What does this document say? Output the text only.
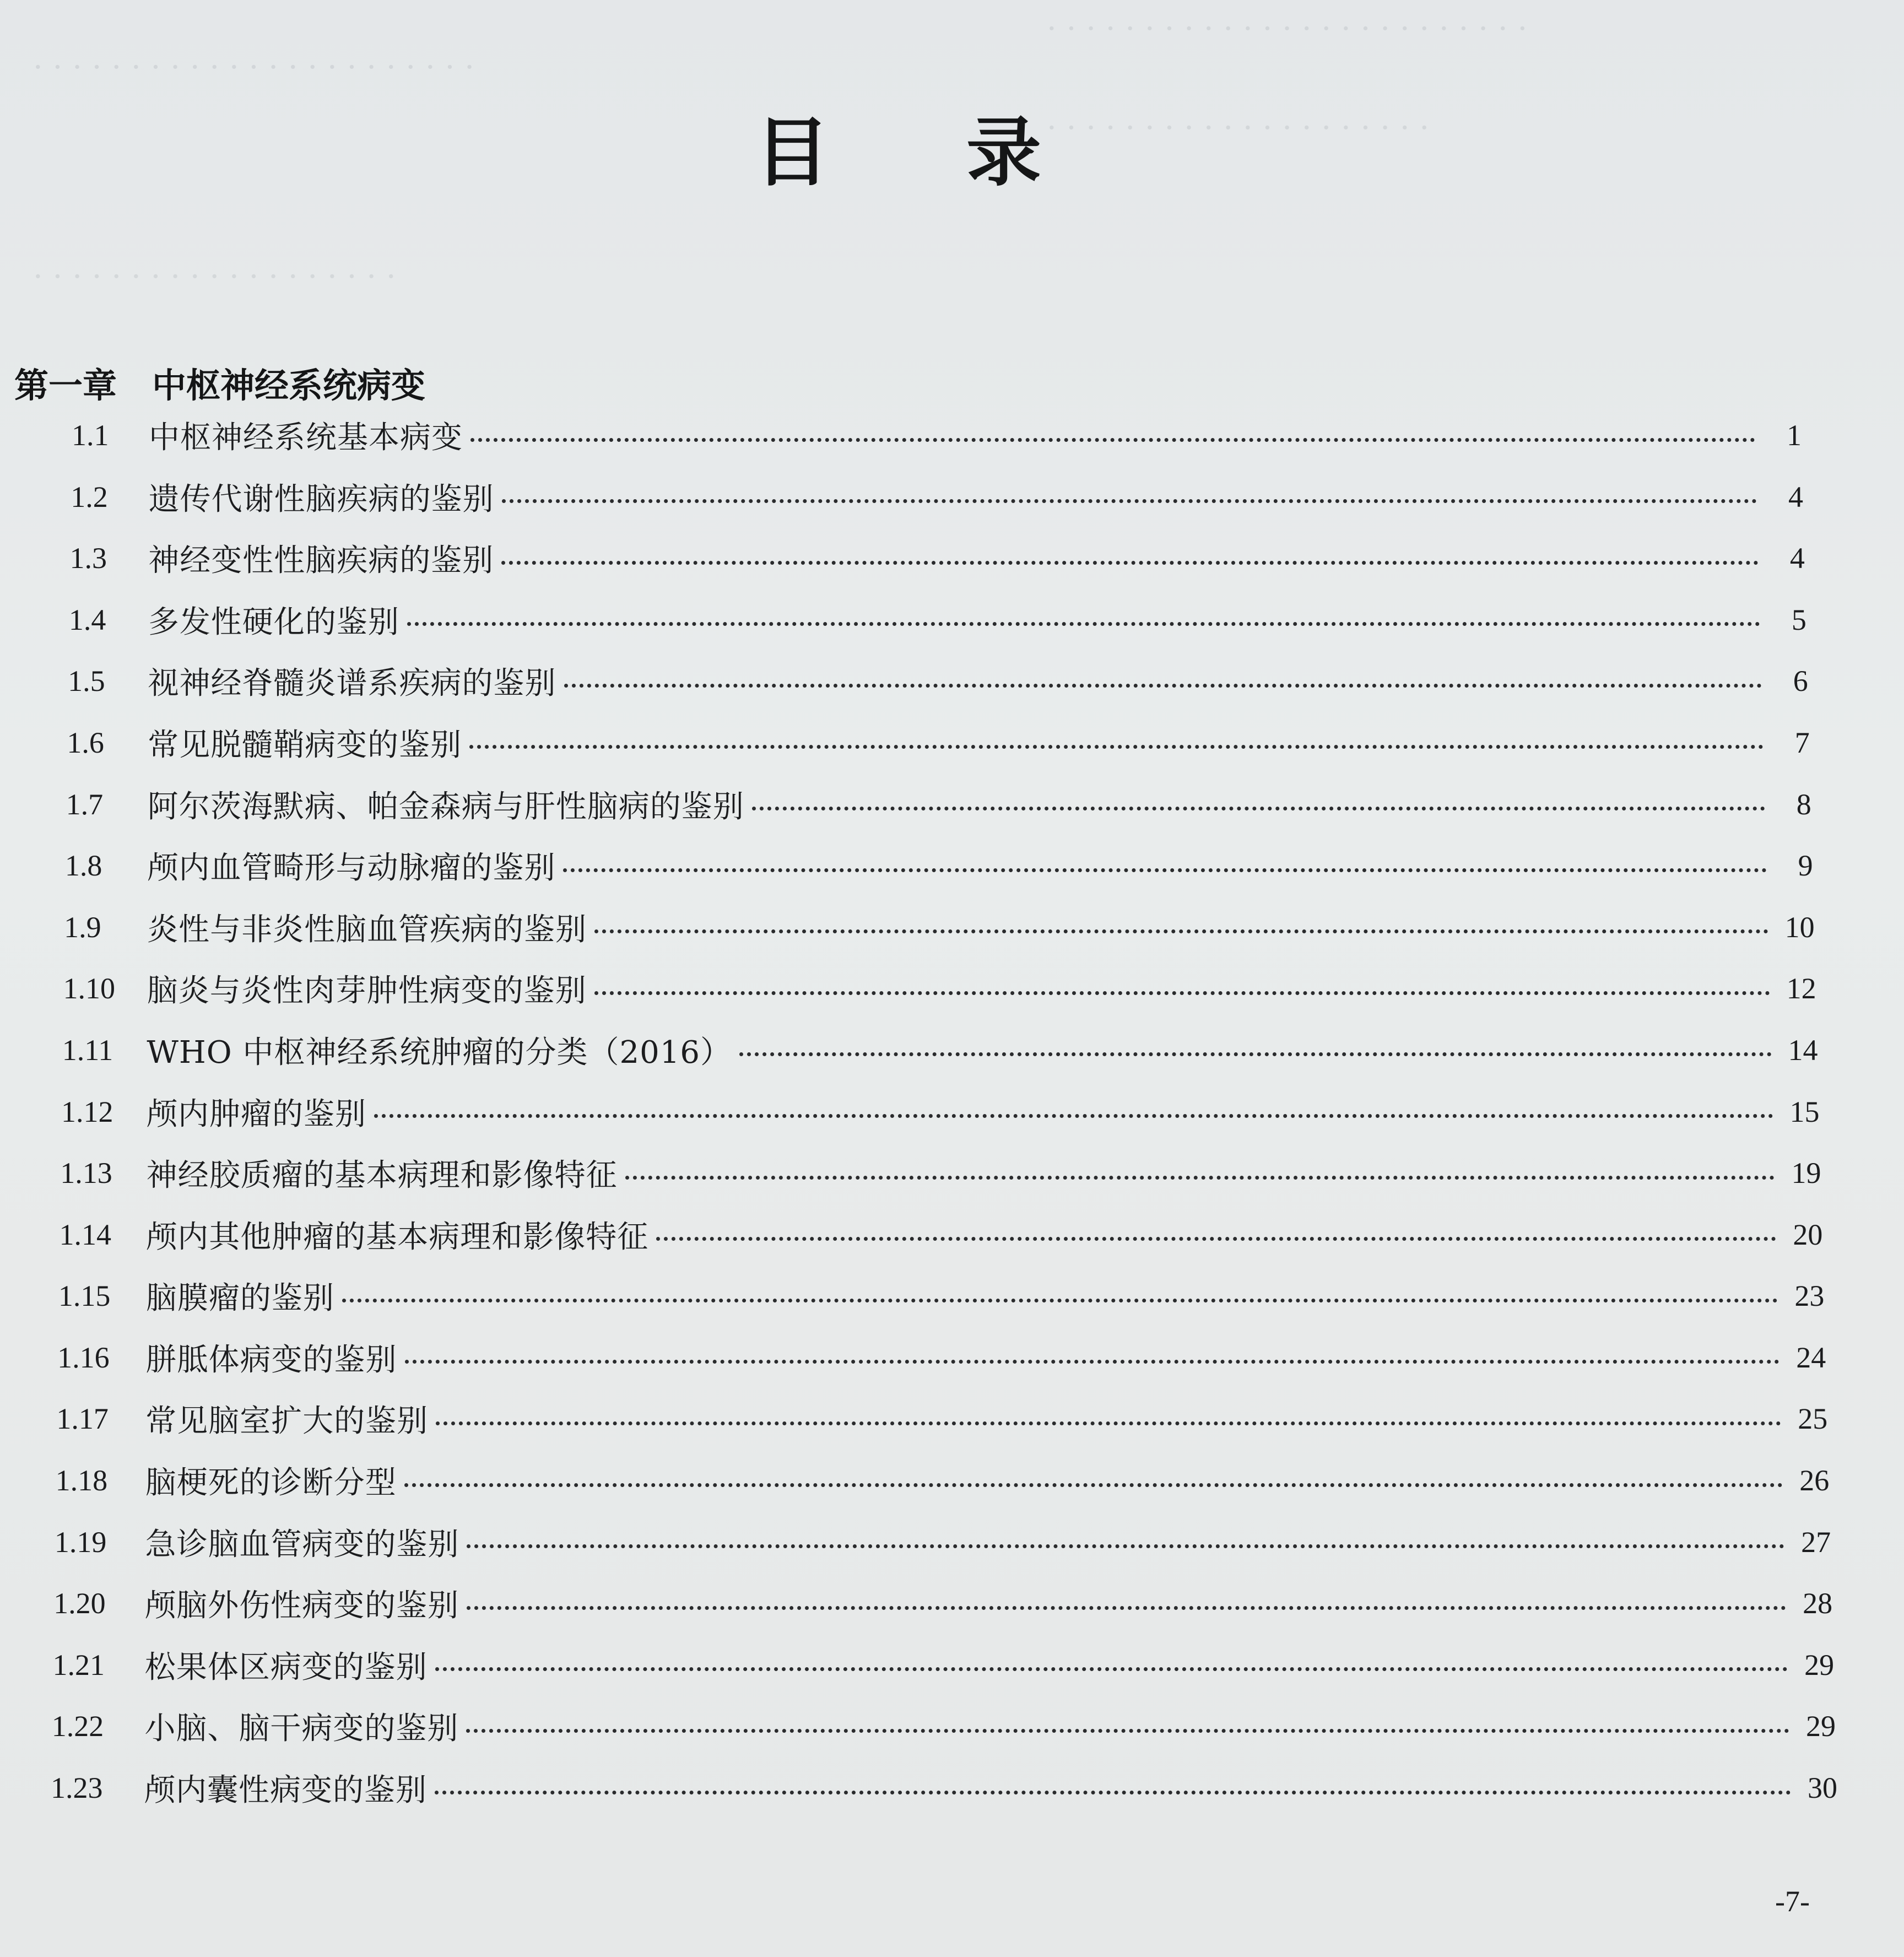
· · · · · · · · · · · · · · · · · · · · · · · · ·
· · · · · · · · · · · · · · · · · · · ·
· · · · · · · · · · · · · · · · · · · · · · ·
· · · · · · · · · · · · · · · · · · ·
目 录
第一章 中枢神经系统病变
1.1	中枢神经系统基本病变	1
1.2	遗传代谢性脑疾病的鉴别	4
1.3	神经变性性脑疾病的鉴别	4
1.4	多发性硬化的鉴别	5
1.5	视神经脊髓炎谱系疾病的鉴别	6
1.6	常见脱髓鞘病变的鉴别	7
1.7	阿尔茨海默病、帕金森病与肝性脑病的鉴别	8
1.8	颅内血管畸形与动脉瘤的鉴别	9
1.9	炎性与非炎性脑血管疾病的鉴别	10
1.10	脑炎与炎性肉芽肿性病变的鉴别	12
1.11	WHO 中枢神经系统肿瘤的分类（2016）	14
1.12	颅内肿瘤的鉴别	15
1.13	神经胶质瘤的基本病理和影像特征	19
1.14	颅内其他肿瘤的基本病理和影像特征	20
1.15	脑膜瘤的鉴别	23
1.16	胼胝体病变的鉴别	24
1.17	常见脑室扩大的鉴别	25
1.18	脑梗死的诊断分型	26
1.19	急诊脑血管病变的鉴别	27
1.20	颅脑外伤性病变的鉴别	28
1.21	松果体区病变的鉴别	29
1.22	小脑、脑干病变的鉴别	29
1.23	颅内囊性病变的鉴别	30
-7-
